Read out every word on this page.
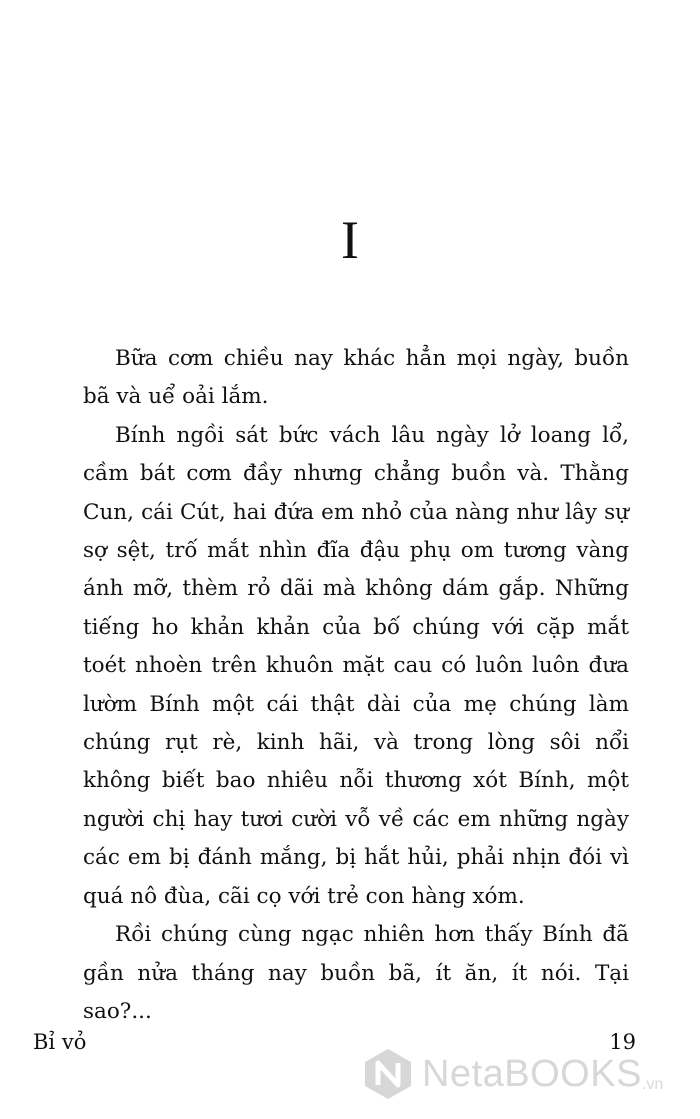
I

Bữa cơm chiều nay khác hẳn mọi ngày, buồn bã và uể oải lắm.

Bính ngồi sát bức vách lâu ngày lở loang lổ, cầm bát cơm đầy nhưng chẳng buồn và. Thằng Cun, cái Cút, hai đứa em nhỏ của nàng như lây sự sợ sệt, trố mắt nhìn đĩa đậu phụ om tương vàng ánh mỡ, thèm rỏ dãi mà không dám gắp. Những tiếng ho khản khản của bố chúng với cặp mắt toét nhoèn trên khuôn mặt cau có luôn luôn đưa lườm Bính một cái thật dài của mẹ chúng làm chúng rụt rè, kinh hãi, và trong lòng sôi nổi không biết bao nhiêu nỗi thương xót Bính, một người chị hay tươi cười vỗ về các em những ngày các em bị đánh mắng, bị hắt hủi, phải nhịn đói vì quá nô đùa, cãi cọ với trẻ con hàng xóm.

Rồi chúng cùng ngạc nhiên hơn thấy Bính đã gần nửa tháng nay buồn bã, ít ăn, ít nói. Tại sao?...

Bỉ vỏ	19
NetaBOOKS .vn
